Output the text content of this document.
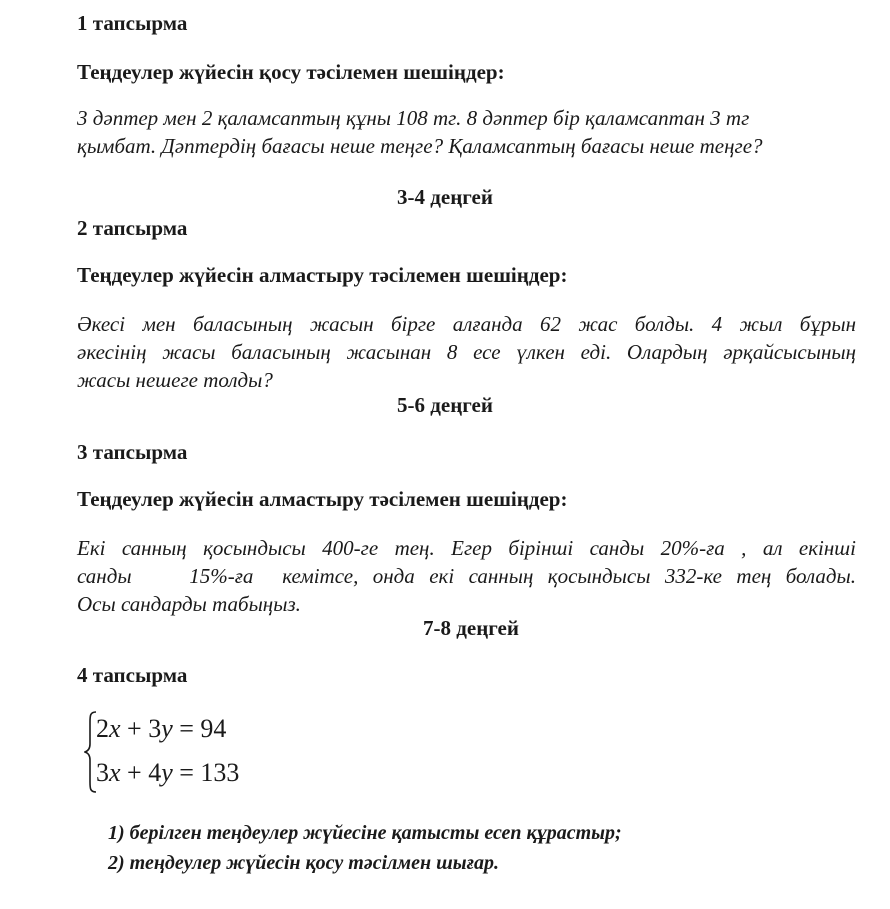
1 тапсырма
Теңдеулер жүйесін қосу тәсілемен шешіңдер:
3 дәптер мен 2 қаламсаптың құны 108 тг. 8 дәптер бір қаламсаптан 3 тг
қымбат. Дәптердің бағасы неше теңге? Қаламсаптың бағасы неше теңге?
3-4 деңгей
2 тапсырма
Теңдеулер жүйесін алмастыру тәсілемен шешіңдер:
Әкесі мен баласының жасын бірге алғанда 62 жас болды. 4 жыл бұрын
әкесінің жасы баласының жасынан 8 есе үлкен еді. Олардың әрқайсысының
жасы нешеге толды?
5-6 деңгей
3 тапсырма
Теңдеулер жүйесін алмастыру тәсілемен шешіңдер:
Екі санның қосындысы 400-ге тең. Егер бірінші санды 20%-ға , ал екінші
санды    15%-ға  кемітсе, онда екі санның қосындысы 332-ке тең болады.
Осы сандарды табыңыз.
7-8 деңгей
4 тапсырма
2x + 3y = 94
3x + 4y = 133
1) берілген теңдеулер жүйесіне қатысты есеп құрастыр;
2) теңдеулер жүйесін қосу тәсілмен шығар.
